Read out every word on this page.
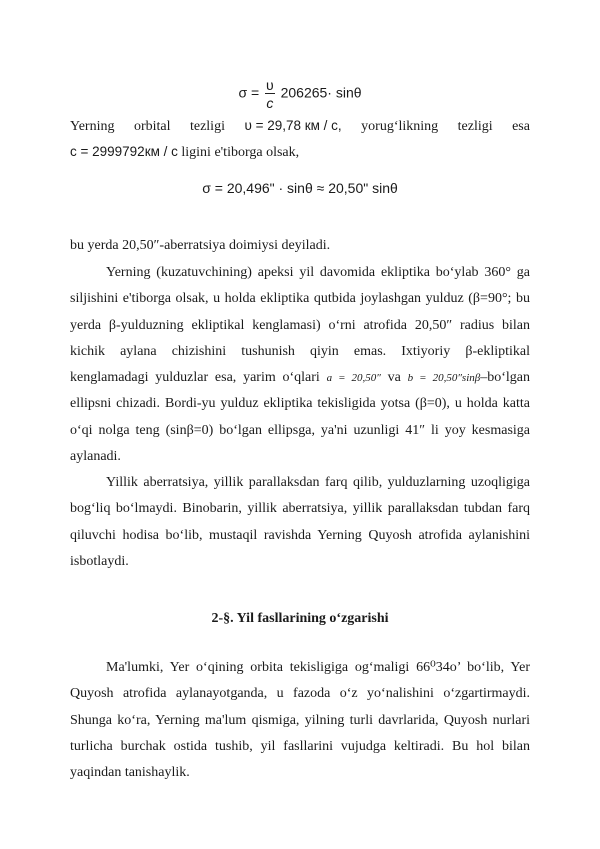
$\sigma = \frac{\upsilon}{c} 206265\cdot \sin\theta$
Yerning orbital tezligi υ = 29,78 км / с, yorug‘likning tezligi esa
с = 2999792км / с ligini e'tiborga olsak,
σ = 20,496" · sinθ ≈ 20,50" sinθ

bu yerda 20,50″-aberratsiya doimiysi deyiladi.

Yerning (kuzatuvchining) apeksi yil davomida ekliptika bo‘ylab 360° ga siljishini e'tiborga olsak, u holda ekliptika qutbida joylashgan yulduz (β=90°; bu yerda β-yulduzning ekliptikal kenglamasi) o‘rni atrofida 20,50″ radius bilan kichik aylana chizishini tushunish qiyin emas. Ixtiyoriy β-ekliptikal kenglamadagi yulduzlar esa, yarim o‘qlari a = 20,50″ va b = 20,50″sinβ–bo‘lgan ellipsni chizadi. Bordi-yu yulduz ekliptika tekisligida yotsa (β=0), u holda katta o‘qi nolga teng (sinβ=0) bo‘lgan ellipsga, ya'ni uzunligi 41″ li yoy kesmasiga aylanadi.

Yillik aberratsiya, yillik parallaksdan farq qilib, yulduzlarning uzoqligiga bog‘liq bo‘lmaydi. Binobarin, yillik aberratsiya, yillik parallaksdan tubdan farq qiluvchi hodisa bo‘lib, mustaqil ravishda Yerning Quyosh atrofida aylanishini isbotlaydi.

2-§. Yil fasllarining o‘zgarishi

Ma'lumki, Yer o‘qining orbita tekisligiga og‘maligi 66⁰34o’ bo‘lib, Yer Quyosh atrofida aylanayotganda, u fazoda o‘z yo‘nalishini o‘zgartirmaydi. Shunga ko‘ra, Yerning ma'lum qismiga, yilning turli davrlarida, Quyosh nurlari turlicha burchak ostida tushib, yil fasllarini vujudga keltiradi. Bu hol bilan yaqindan tanishaylik.
